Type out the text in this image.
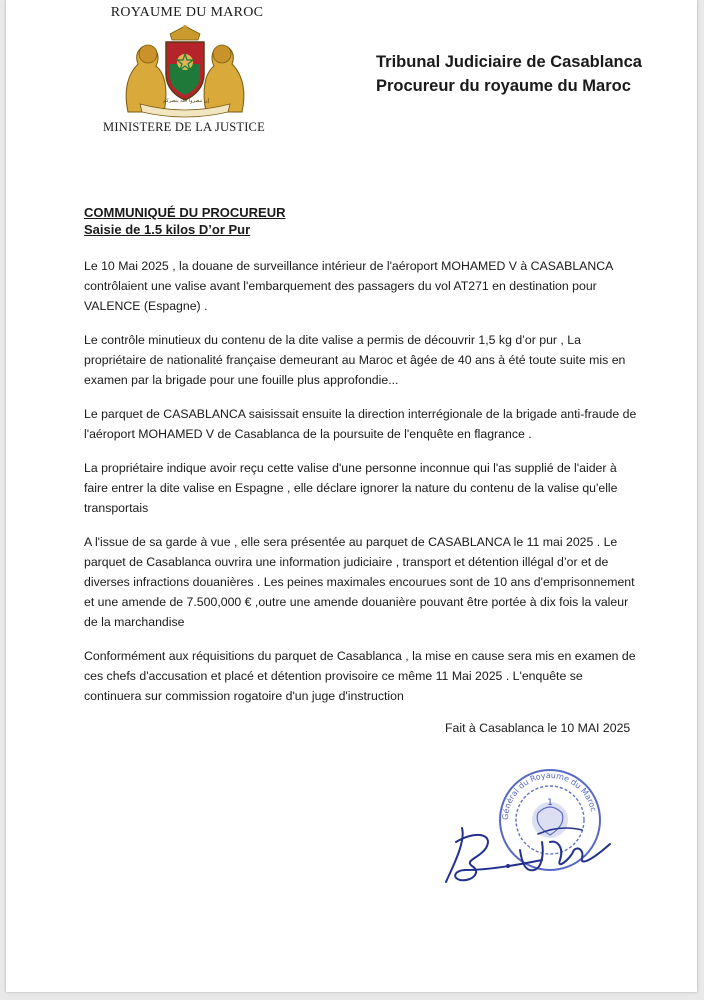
ROYAUME DU MAROC
إن تنصروا الله ينصركم
MINISTERE DE LA JUSTICE
Tribunal Judiciaire de Casablanca
Procureur du royaume du Maroc
COMMUNIQUÉ DU PROCUREUR
Saisie de 1.5 kilos D’or Pur

Le 10 Mai 2025 , la douane de surveillance intérieur de l'aéroport MOHAMED V à CASABLANCA contrôlaient une valise avant l'embarquement des passagers du vol AT271 en destination pour VALENCE (Espagne) .

Le contrôle minutieux du contenu de la dite valise a permis de découvrir 1,5 kg d’or pur , La propriétaire de nationalité française demeurant au Maroc et âgée de 40 ans à été toute suite mis en examen par la brigade pour une fouille plus approfondie...

Le parquet de CASABLANCA saisissait ensuite la direction interrégionale de la brigade anti-fraude de l'aéroport MOHAMED V de Casablanca de la poursuite de l'enquête en flagrance .

La propriétaire indique avoir reçu cette valise d'une personne inconnue qui l'as supplié de l'aider à faire entrer la dite valise en Espagne , elle déclare ignorer la nature du contenu de la valise qu'elle transportais

A l'issue de sa garde à vue , elle sera présentée au parquet de CASABLANCA le 11 mai 2025 . Le parquet de Casablanca ouvrira une information judiciaire , transport et détention illégal d’or et de diverses infractions douanières . Les peines maximales encourues sont de 10 ans d'emprisonnement et une amende de 7.500,000 € ,outre une amende douanière pouvant être portée à dix fois la valeur de la marchandise

Conformément aux réquisitions du parquet de Casablanca , la mise en cause sera mis en examen de ces chefs d'accusation et placé et détention provisoire ce même 11 Mai 2025 . L'enquête se continuera sur commission rogatoire d'un juge d'instruction

Fait à Casablanca le 10 MAI 2025
Général du Royaume du Maroc
1
